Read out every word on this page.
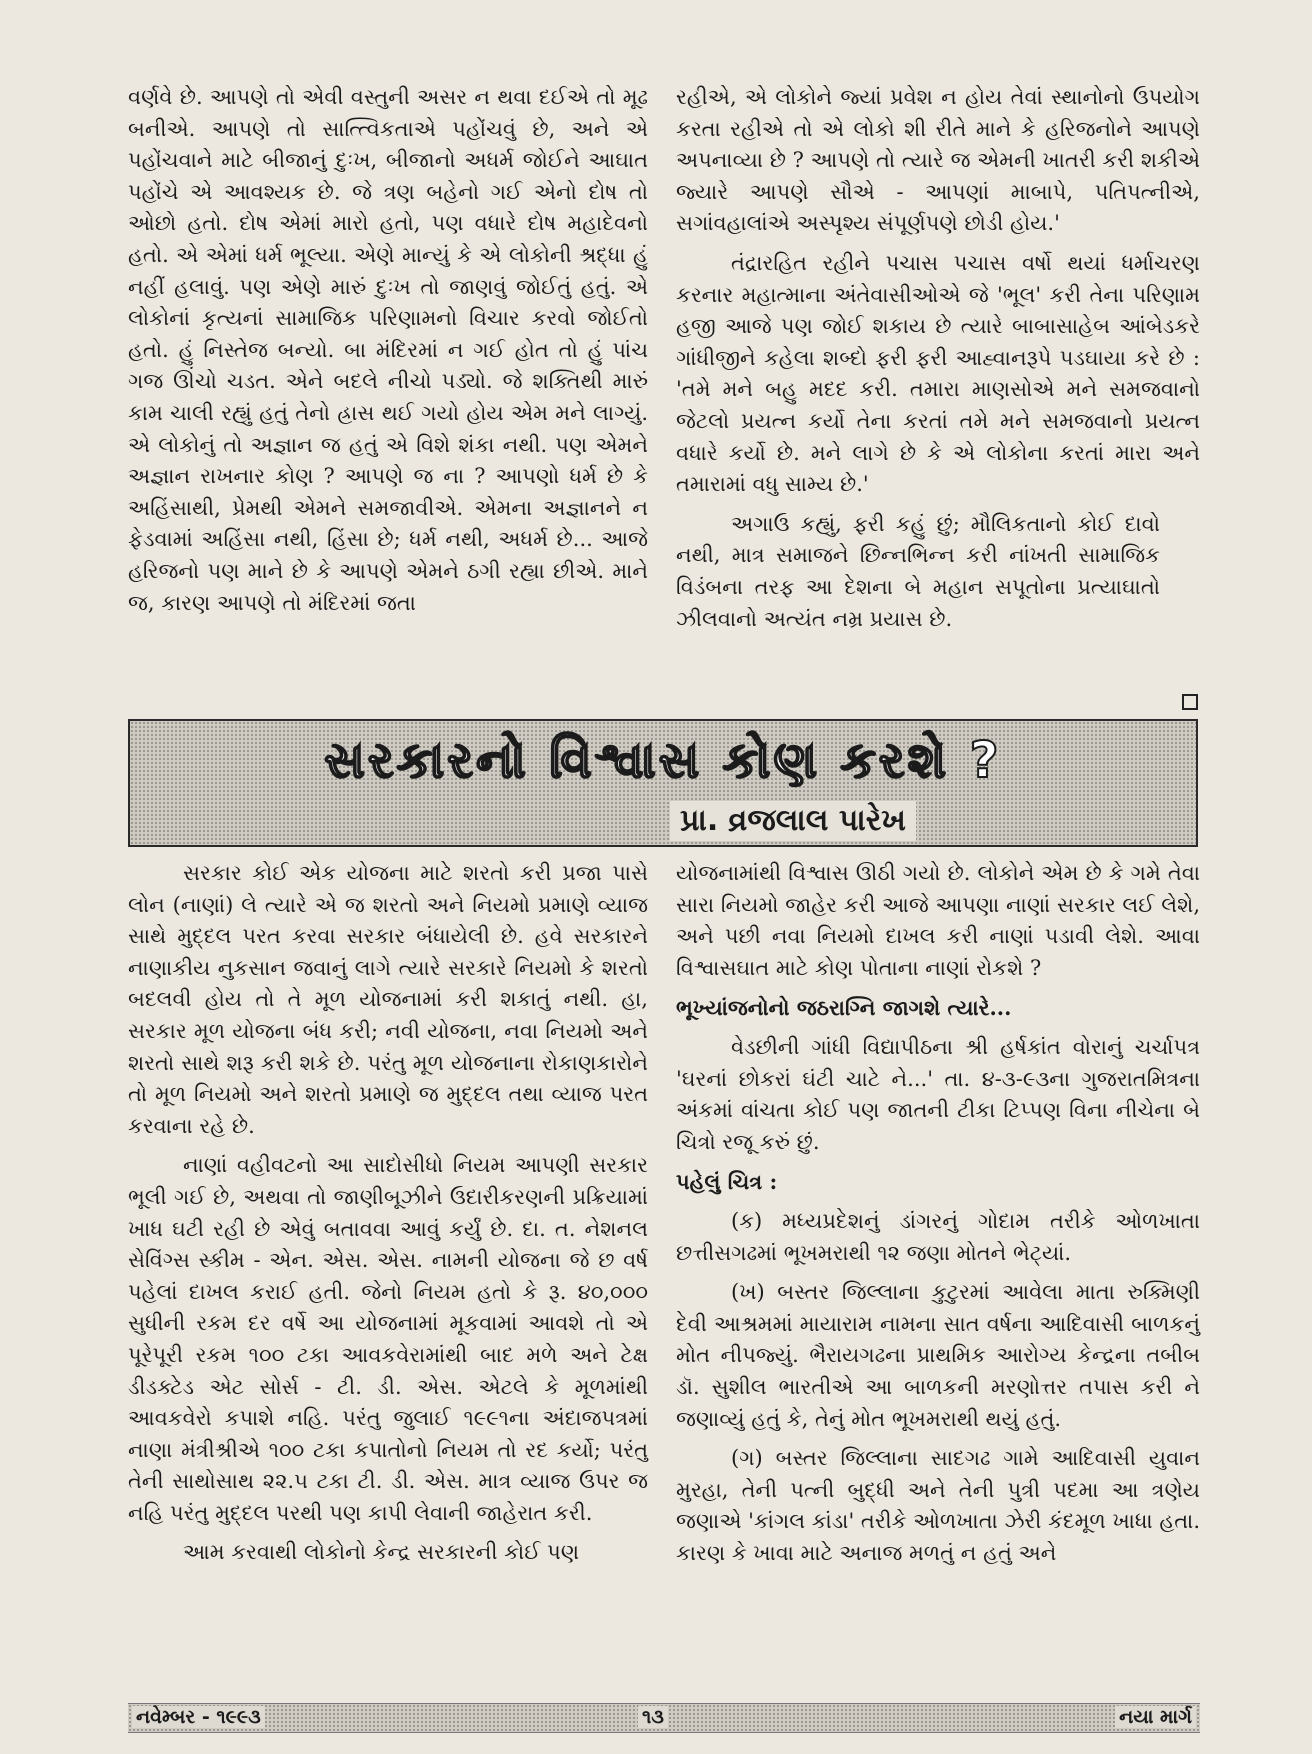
વર્ણવે છે. આપણે તો એવી વસ્તુની અસર ન થવા દઈએ તો મૂઢ બનીએ. આપણે તો સાત્ત્વિકતાએ પહોંચવું છે, અને એ પહોંચવાને માટે બીજાનું દુઃખ, બીજાનો અધર્મ જોઈને આઘાત પહોંચે એ આવશ્યક છે. જે ત્રણ બહેનો ગઈ એનો દોષ તો ઓછો હતો. દોષ એમાં મારો હતો, પણ વધારે દોષ મહાદેવનો હતો. એ એમાં ધર્મ ભૂલ્યા. એણે માન્યું કે એ લોકોની શ્રદ્ધા હું નહીં હલાવું. પણ એણે મારું દુઃખ તો જાણવું જોઈતું હતું. એ લોકોનાં કૃત્યનાં સામાજિક પરિણામનો વિચાર કરવો જોઈતો હતો. હું નિસ્તેજ બન્યો. બા મંદિરમાં ન ગઈ હોત તો હું પાંચ ગજ ઊંચો ચડત. એને બદલે નીચો પડ્યો. જે શક્તિથી મારું કામ ચાલી રહ્યું હતું તેનો હ્રાસ થઈ ગયો હોય એમ મને લાગ્યું. એ લોકોનું તો અજ્ઞાન જ હતું એ વિશે શંકા નથી. પણ એમને અજ્ઞાન રાખનાર કોણ ? આપણે જ ના ? આપણો ધર્મ છે કે અહિંસાથી, પ્રેમથી એમને સમજાવીએ. એમના અજ્ઞાનને ન ફેડવામાં અહિંસા નથી, હિંસા છે; ધર્મ નથી, અધર્મ છે... આજે હરિજનો પણ માને છે કે આપણે એમને ઠગી રહ્યા છીએ. માને જ, કારણ આપણે તો મંદિરમાં જતા

રહીએ, એ લોકોને જ્યાં પ્રવેશ ન હોય તેવાં સ્થાનોનો ઉપયોગ કરતા રહીએ તો એ લોકો શી રીતે માને કે હરિજનોને આપણે અપનાવ્યા છે ? આપણે તો ત્યારે જ એમની ખાતરી કરી શકીએ જ્યારે આપણે સૌએ - આપણાં માબાપે, પતિપત્નીએ, સગાંવહાલાંએ અસ્પૃશ્ય સંપૂર્ણપણે છોડી હોય.'

તંદ્રારહિત રહીને પચાસ પચાસ વર્ષો થયાં ધર્માચરણ કરનાર મહાત્માના અંતેવાસીઓએ જે 'ભૂલ' કરી તેના પરિણામ હજી આજે પણ જોઈ શકાય છે ત્યારે બાબાસાહેબ આંબેડકરે ગાંધીજીને કહેલા શબ્દો ફરી ફરી આહ્વાનરૂપે પડઘાયા કરે છે : 'તમે મને બહુ મદદ કરી. તમારા માણસોએ મને સમજવાનો જેટલો પ્રયત્ન કર્યો તેના કરતાં તમે મને સમજવાનો પ્રયત્ન વધારે કર્યો છે. મને લાગે છે કે એ લોકોના કરતાં મારા અને તમારામાં વધુ સામ્ય છે.'

અગાઉ કહ્યું, ફરી કહું છું; મૌલિકતાનો કોઈ દાવો નથી, માત્ર સમાજને છિન્નભિન્ન કરી નાંખતી સામાજિક વિડંબના તરફ આ દેશના બે મહાન સપૂતોના પ્રત્યાઘાતો ઝીલવાનો અત્યંત નમ્ર પ્રયાસ છે.

સરકારનો વિશ્વાસ કોણ કરશે ?
પ્રા. વ્રજલાલ પારેખ

સરકાર કોઈ એક યોજના માટે શરતો કરી પ્રજા પાસે લોન (નાણાં) લે ત્યારે એ જ શરતો અને નિયમો પ્રમાણે વ્યાજ સાથે મુદ્દલ પરત કરવા સરકાર બંધાયેલી છે. હવે સરકારને નાણાકીય નુકસાન જવાનું લાગે ત્યારે સરકારે નિયમો કે શરતો બદલવી હોય તો તે મૂળ યોજનામાં કરી શકાતું નથી. હા, સરકાર મૂળ યોજના બંધ કરી; નવી યોજના, નવા નિયમો અને શરતો સાથે શરૂ કરી શકે છે. પરંતુ મૂળ યોજનાના રોકાણકારોને તો મૂળ નિયમો અને શરતો પ્રમાણે જ મુદ્દલ તથા વ્યાજ પરત કરવાના રહે છે.

નાણાં વહીવટનો આ સાદોસીધો નિયમ આપણી સરકાર ભૂલી ગઈ છે, અથવા તો જાણીબૂઝીને ઉદારીકરણની પ્રક્રિયામાં ખાધ ઘટી રહી છે એવું બતાવવા આવું કર્યું છે. દા. ત. નેશનલ સેવિંગ્સ સ્કીમ - એન. એસ. એસ. નામની યોજના જે છ વર્ષ પહેલાં દાખલ કરાઈ હતી. જેનો નિયમ હતો કે રૂ. ૪૦,૦૦૦ સુધીની રકમ દર વર્ષે આ યોજનામાં મૂકવામાં આવશે તો એ પૂરેપૂરી રકમ ૧૦૦ ટકા આવકવેરામાંથી બાદ મળે અને ટેક્ષ ડીડક્ટેડ એટ સોર્સ - ટી. ડી. એસ. એટલે કે મૂળમાંથી આવકવેરો કપાશે નહિ. પરંતુ જુલાઈ ૧૯૯૧ના અંદાજપત્રમાં નાણા મંત્રીશ્રીએ ૧૦૦ ટકા કપાતોનો નિયમ તો રદ કર્યો; પરંતુ તેની સાથોસાથ ૨૨.૫ ટકા ટી. ડી. એસ. માત્ર વ્યાજ ઉપર જ નહિ પરંતુ મુદ્દલ પરથી પણ કાપી લેવાની જાહેરાત કરી.

આમ કરવાથી લોકોનો કેન્દ્ર સરકારની કોઈ પણ

યોજનામાંથી વિશ્વાસ ઊઠી ગયો છે. લોકોને એમ છે કે ગમે તેવા સારા નિયમો જાહેર કરી આજે આપણા નાણાં સરકાર લઈ લેશે, અને પછી નવા નિયમો દાખલ કરી નાણાં પડાવી લેશે. આવા વિશ્વાસઘાત માટે કોણ પોતાના નાણાં રોકશે ?

ભૂખ્યાંજનોનો જઠરાગ્નિ જાગશે ત્યારે...

વેડછીની ગાંધી વિદ્યાપીઠના શ્રી હર્ષકાંત વોરાનું ચર્ચાપત્ર 'ઘરનાં છોકરાં ઘંટી ચાટે ને...' તા. ૪-૩-૯૩ના ગુજરાતમિત્રના અંકમાં વાંચતા કોઈ પણ જાતની ટીકા ટિપ્પણ વિના નીચેના બે ચિત્રો રજૂ કરું છું.

પહેલું ચિત્ર :

(ક) મધ્યપ્રદેશનું ડાંગરનું ગોદામ તરીકે ઓળખાતા છત્તીસગઢમાં ભૂખમરાથી ૧૨ જણા મોતને ભેટ્યાં.

(ખ) બસ્તર જિલ્લાના કુટુરમાં આવેલા માતા રુક્મિણી દેવી આશ્રમમાં માયારામ નામના સાત વર્ષના આદિવાસી બાળકનું મોત નીપજ્યું. ભૈરાયગઢના પ્રાથમિક આરોગ્ય કેન્દ્રના તબીબ ડૉ. સુશીલ ભારતીએ આ બાળકની મરણોત્તર તપાસ કરી ને જણાવ્યું હતું કે, તેનું મોત ભૂખમરાથી થયું હતું.

(ગ) બસ્તર જિલ્લાના સાદગઢ ગામે આદિવાસી યુવાન મુરહા, તેની પત્ની બુદ્ધી અને તેની પુત્રી પદમા આ ત્રણેય જણાએ 'કાંગલ કાંડા' તરીકે ઓળખાતા ઝેરી કંદમૂળ ખાધા હતા. કારણ કે ખાવા માટે અનાજ મળતું ન હતું અને

નવેમ્બર - ૧૯૯૩	૧૩	નયા માર્ગ
